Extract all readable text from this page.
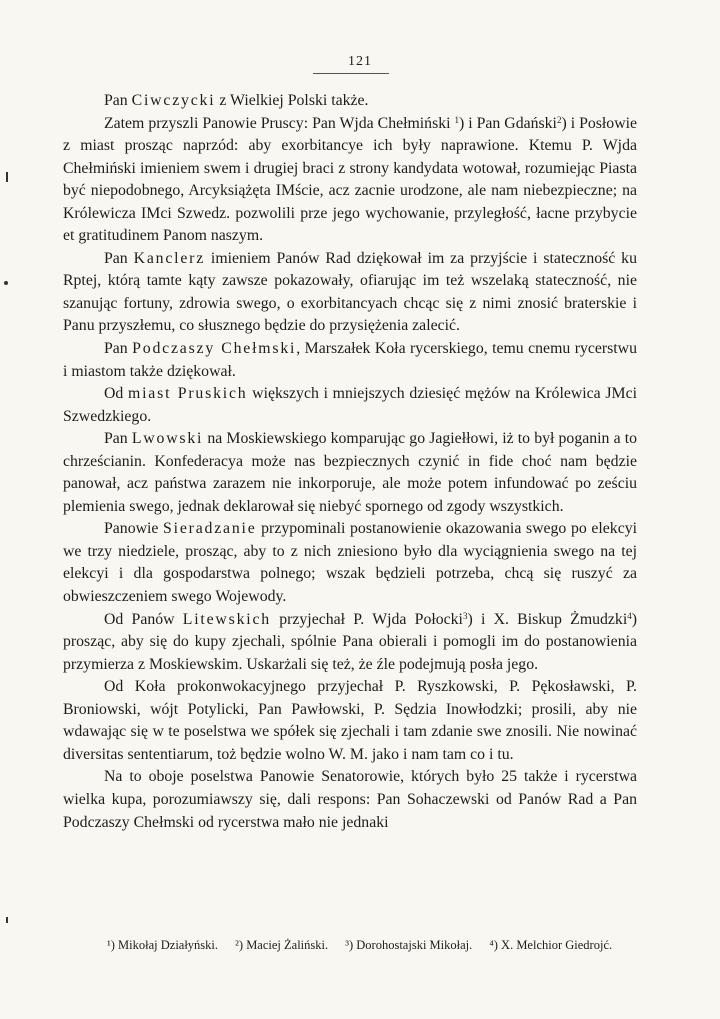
121

Pan Ciwczycki z Wielkiej Polski także.

Zatem przyszli Panowie Pruscy: Pan Wjda Chełmiński $^1$) i Pan Gdański$^2$) i Posłowie z miast prosząc naprzód: aby exorbitancye ich były naprawione. Ktemu P. Wjda Chełmiński imieniem swem i drugiej braci z strony kandydata wotował, rozumiejąc Piasta być niepodobnego, Arcyksiążęta IMście, acz zacnie urodzone, ale nam niebezpieczne; na Królewicza IMci Szwedz. pozwolili prze jego wychowanie, przyległość, łacne przybycie et gratitudinem Panom naszym.

Pan Kanclerz imieniem Panów Rad dziękował im za przyjście i stateczność ku Rptej, którą tamte kąty zawsze pokazowały, ofiarując im też wszelaką stateczność, nie szanując fortuny, zdrowia swego, o exorbitancyach chcąc się z nimi znosić braterskie i Panu przyszłemu, co słusznego będzie do przysiężenia zalecić.

Pan Podczaszy Chełmski, Marszałek Koła rycerskiego, temu cnemu rycerstwu i miastom także dziękował.

Od miast Pruskich większych i mniejszych dziesięć mężów na Królewica JMci Szwedzkiego.

Pan Lwowski na Moskiewskiego komparując go Jagiełłowi, iż to był poganin a to chrześcianin. Konfederacya może nas bezpiecznych czynić in fide choć nam będzie panował, acz państwa zarazem nie inkorporuje, ale może potem infundować po ześciu plemienia swego, jednak deklarował się niebyć spornego od zgody wszystkich.

Panowie Sieradzanie przypominali postanowienie okazowania swego po elekcyi we trzy niedziele, prosząc, aby to z nich zniesiono było dla wyciągnienia swego na tej elekcyi i dla gospodarstwa polnego; wszak będzieli potrzeba, chcą się ruszyć za obwieszczeniem swego Wojewody.

Od Panów Litewskich przyjechał P. Wjda Połocki$^3$) i X. Biskup Żmudzki$^4$) prosząc, aby się do kupy zjechali, spólnie Pana obierali i pomogli im do postanowienia przymierza z Moskiewskim. Uskarżali się też, że źle podejmują posła jego.

Od Koła prokonwokacyjnego przyjechał P. Ryszkowski, P. Pękosławski, P. Broniowski, wójt Potylicki, Pan Pawłowski, P. Sędzia Inowłodzki; prosili, aby nie wdawając się w te poselstwa we spółek się zjechali i tam zdanie swe znosili. Nie nowinać diversitas sententiarum, toż będzie wolno W. M. jako i nam tam co i tu.

Na to oboje poselstwa Panowie Senatorowie, których było 25 także i rycerstwa wielka kupa, porozumiawszy się, dali respons: Pan Sohaczewski od Panów Rad a Pan Podczaszy Chełmski od rycerstwa mało nie jednaki

¹) Mikołaj Działyński. ²) Maciej Żaliński. ³) Dorohostajski Mikołaj. ⁴) X. Melchior Giedrojć.
